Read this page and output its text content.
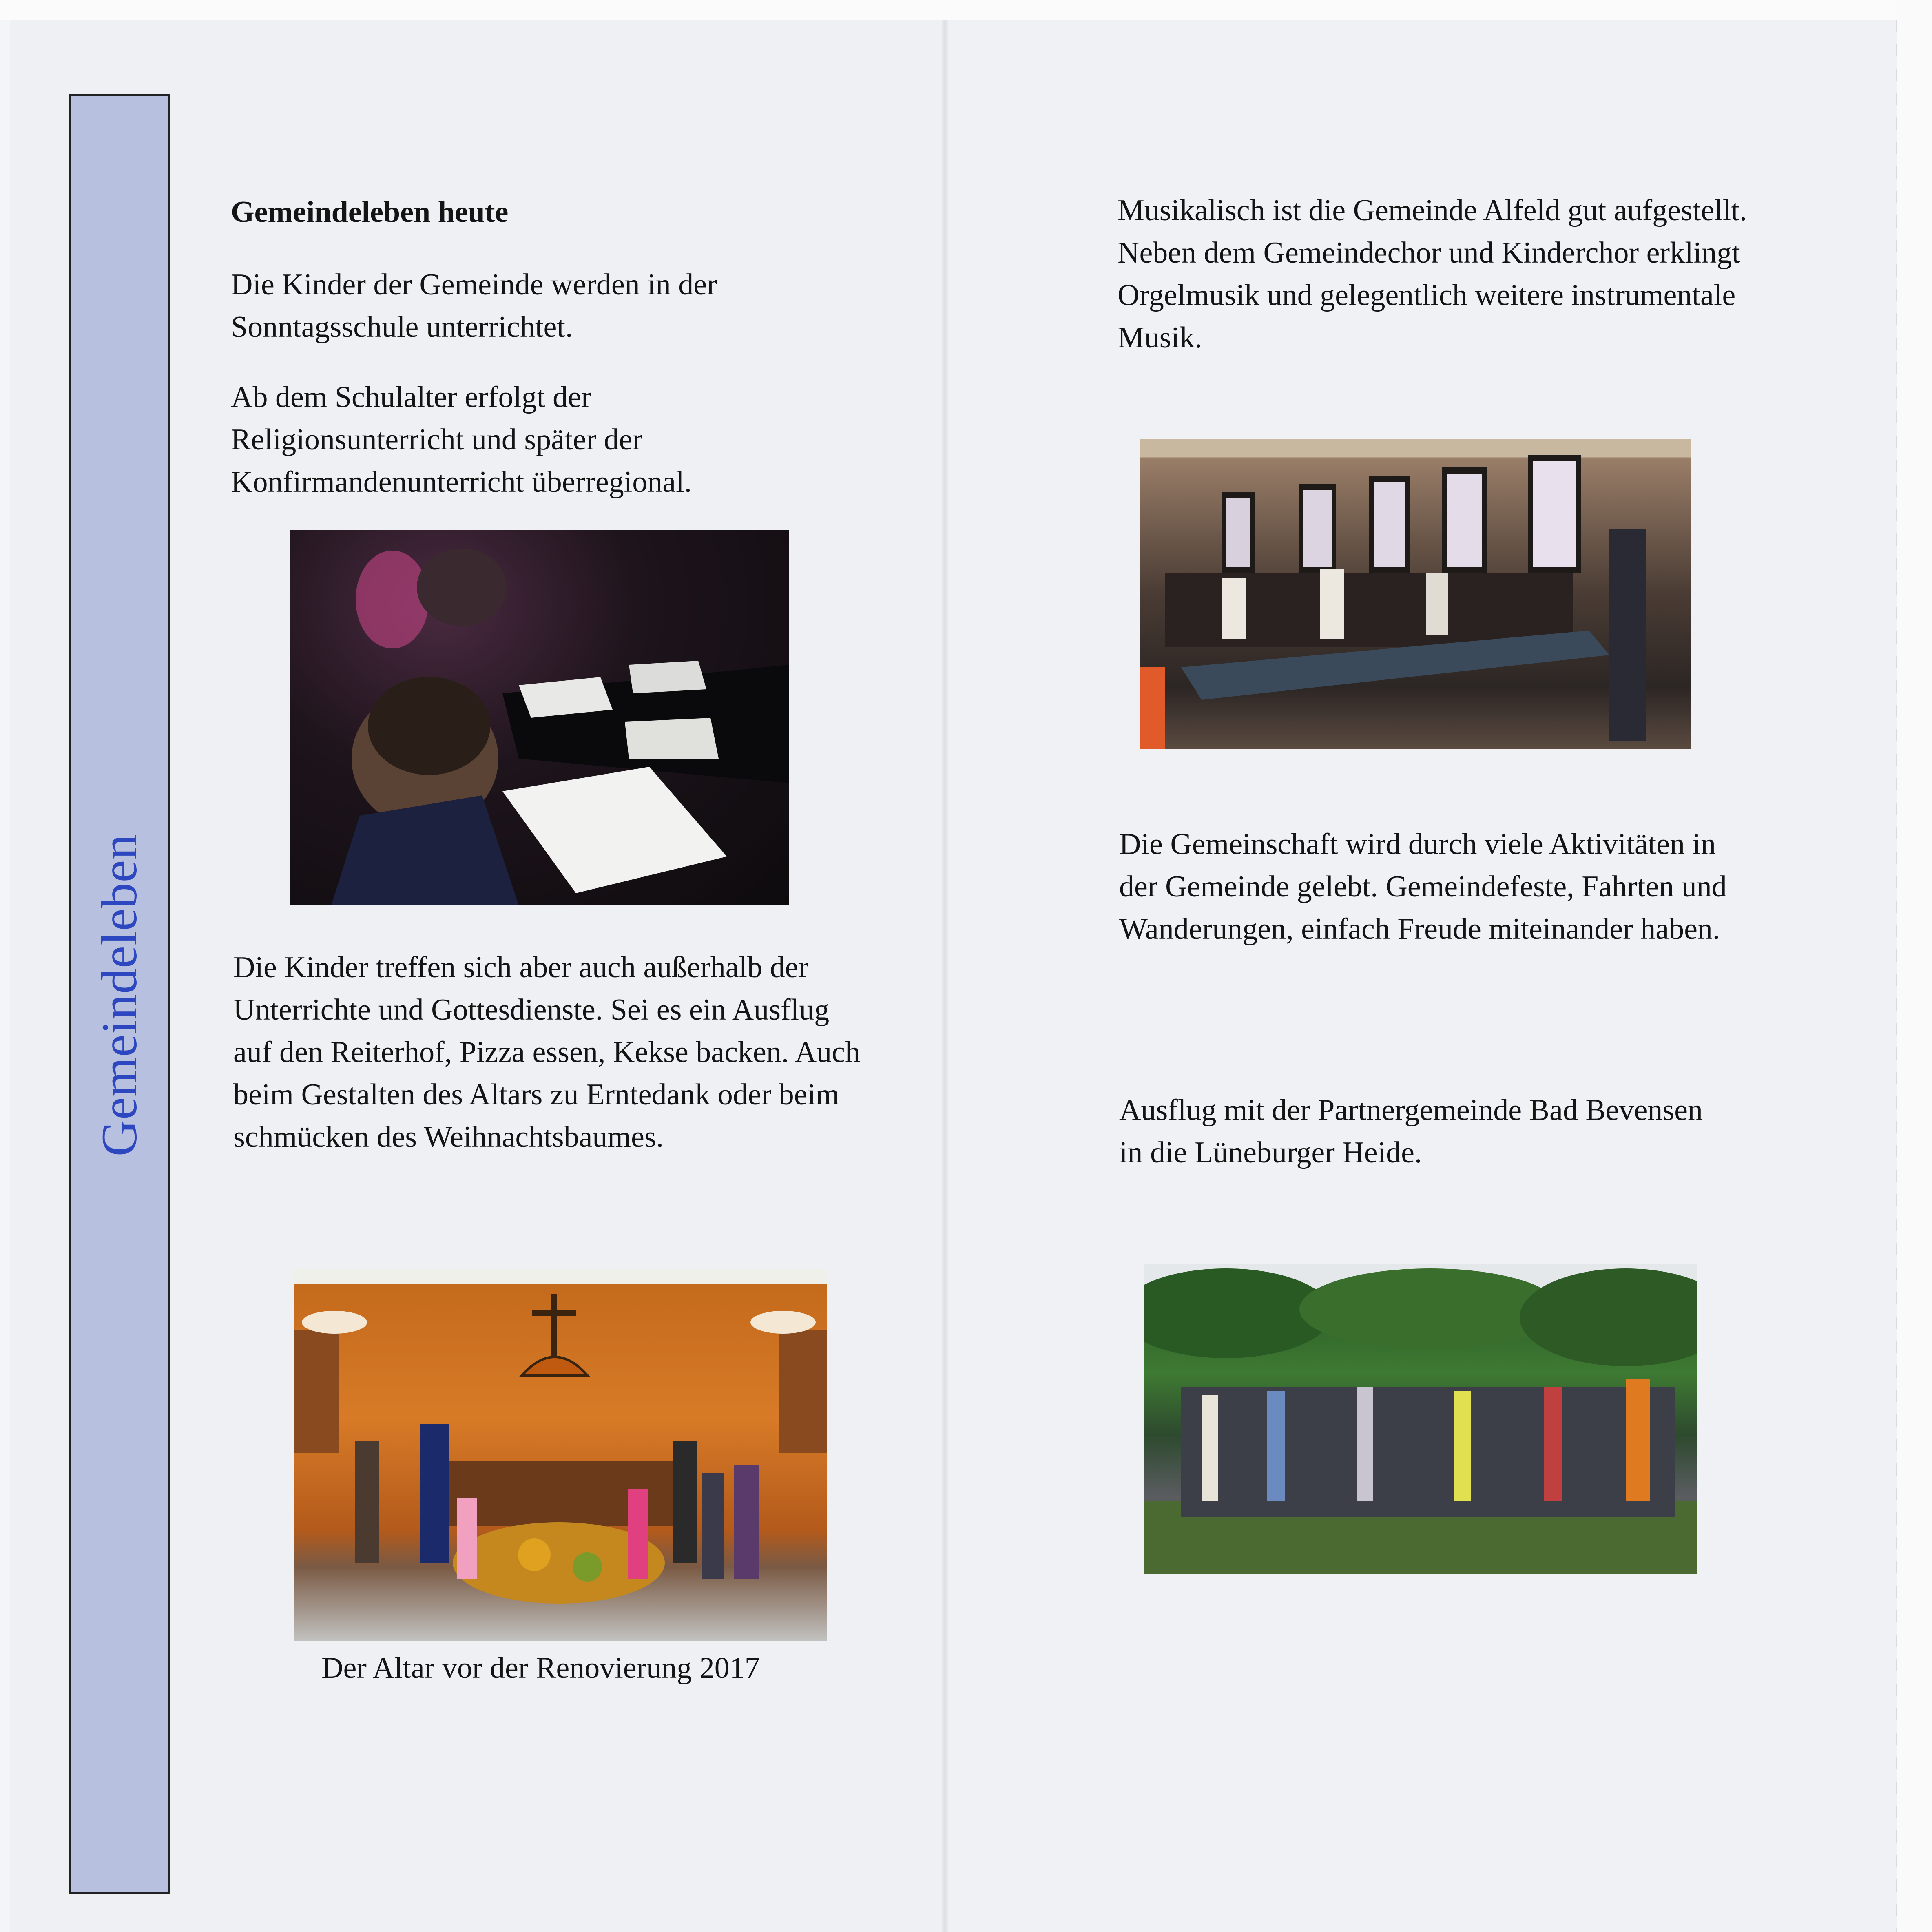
Gemeindeleben
Gemeindeleben heute
Die Kinder der Gemeinde werden in der Sonntagsschule unterrichtet.
Ab dem Schulalter erfolgt der Religionsunterricht und später der Konfirmandenunterricht überregional.
Die Kinder treffen sich aber auch außerhalb der Unterrichte und Gottesdienste. Sei es ein Ausflug auf den Reiterhof, Pizza essen, Kekse backen. Auch beim Gestalten des Altars zu Erntedank oder beim schmücken des Weihnachtsbaumes.
Der Altar vor der Renovierung 2017
Musikalisch ist die Gemeinde Alfeld gut aufgestellt. Neben dem Gemeindechor und Kinderchor erklingt Orgelmusik und gelegentlich weitere instrumentale Musik.
Die Gemeinschaft wird durch viele Aktivitäten in der Gemeinde gelebt. Gemeindefeste, Fahrten und Wanderungen, einfach Freude miteinander haben.
Ausflug mit der Partnergemeinde Bad Bevensen in die Lüneburger Heide.
